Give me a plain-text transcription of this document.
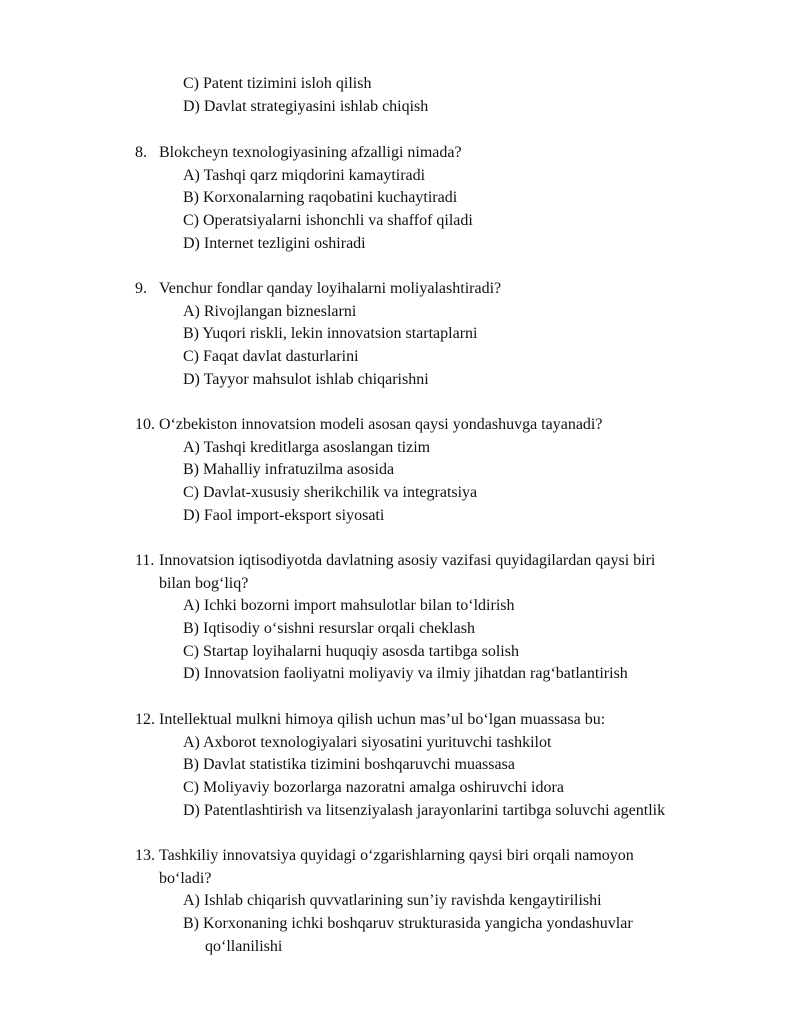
C) Patent tizimini isloh qilish
D) Davlat strategiyasini ishlab chiqish
8. Blokcheyn texnologiyasining afzalligi nimada?
A) Tashqi qarz miqdorini kamaytiradi
B) Korxonalarning raqobatini kuchaytiradi
C) Operatsiyalarni ishonchli va shaffof qiladi
D) Internet tezligini oshiradi
9. Venchur fondlar qanday loyihalarni moliyalashtiradi?
A) Rivojlangan bizneslarni
B) Yuqori riskli, lekin innovatsion startaplarni
C) Faqat davlat dasturlarini
D) Tayyor mahsulot ishlab chiqarishni
10. O‘zbekiston innovatsion modeli asosan qaysi yondashuvga tayanadi?
A) Tashqi kreditlarga asoslangan tizim
B) Mahalliy infratuzilma asosida
C) Davlat-xususiy sherikchilik va integratsiya
D) Faol import-eksport siyosati
11. Innovatsion iqtisodiyotda davlatning asosiy vazifasi quyidagilardan qaysi biri
bilan bog‘liq?
A) Ichki bozorni import mahsulotlar bilan to‘ldirish
B) Iqtisodiy o‘sishni resurslar orqali cheklash
C) Startap loyihalarni huquqiy asosda tartibga solish
D) Innovatsion faoliyatni moliyaviy va ilmiy jihatdan rag‘batlantirish
12. Intellektual mulkni himoya qilish uchun mas’ul bo‘lgan muassasa bu:
A) Axborot texnologiyalari siyosatini yurituvchi tashkilot
B) Davlat statistika tizimini boshqaruvchi muassasa
C) Moliyaviy bozorlarga nazoratni amalga oshiruvchi idora
D) Patentlashtirish va litsenziyalash jarayonlarini tartibga soluvchi agentlik
13. Tashkiliy innovatsiya quyidagi o‘zgarishlarning qaysi biri orqali namoyon
bo‘ladi?
A) Ishlab chiqarish quvvatlarining sun’iy ravishda kengaytirilishi
B) Korxonaning ichki boshqaruv strukturasida yangicha yondashuvlar
qo‘llanilishi
